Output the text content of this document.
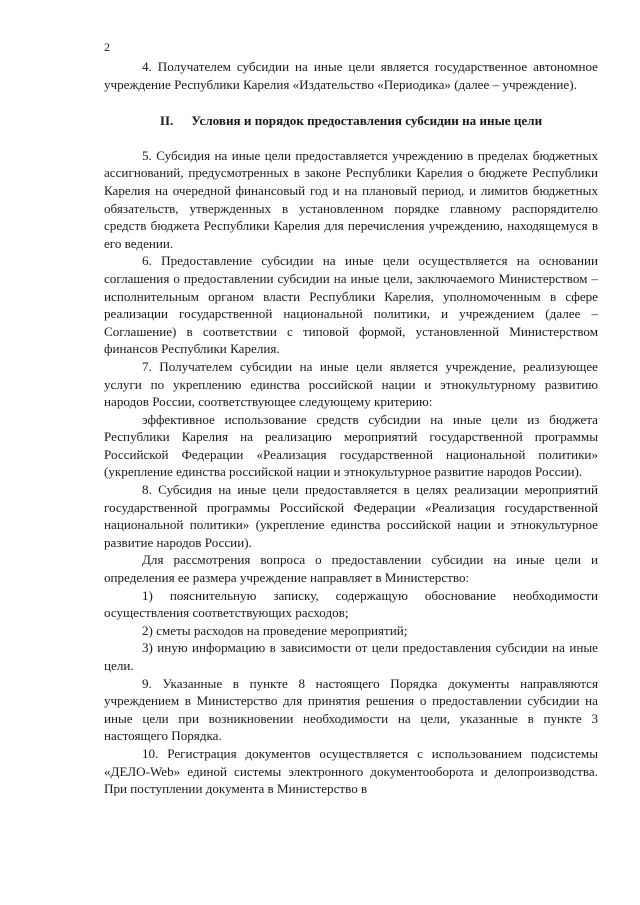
2

4. Получателем субсидии на иные цели является государственное автономное учреждение Республики Карелия «Издательство «Периодика» (далее – учреждение).

II. Условия и порядок предоставления субсидии на иные цели

5. Субсидия на иные цели предоставляется учреждению в пределах бюджетных ассигнований, предусмотренных в законе Республики Карелия о бюджете Республики Карелия на очередной финансовый год и на плановый период, и лимитов бюджетных обязательств, утвержденных в установленном порядке главному распорядителю средств бюджета Республики Карелия для перечисления учреждению, находящемуся в его ведении.

6. Предоставление субсидии на иные цели осуществляется на основании соглашения о предоставлении субсидии на иные цели, заключаемого Министерством – исполнительным органом власти Республики Карелия, уполномоченным в сфере реализации государственной национальной политики, и учреждением (далее – Соглашение) в соответствии с типовой формой, установленной Министерством финансов Республики Карелия.

7. Получателем субсидии на иные цели является учреждение, реализующее услуги по укреплению единства российской нации и этнокультурному развитию народов России, соответствующее следующему критерию:

эффективное использование средств субсидии на иные цели из бюджета Республики Карелия на реализацию мероприятий государственной программы Российской Федерации «Реализация государственной национальной политики» (укрепление единства российской нации и этнокультурное развитие народов России).

8. Субсидия на иные цели предоставляется в целях реализации мероприятий государственной программы Российской Федерации «Реализация государственной национальной политики» (укрепление единства российской нации и этнокультурное развитие народов России).

Для рассмотрения вопроса о предоставлении субсидии на иные цели и определения ее размера учреждение направляет в Министерство:

1) пояснительную записку, содержащую обоснование необходимости осуществления соответствующих расходов;

2) сметы расходов на проведение мероприятий;

3) иную информацию в зависимости от цели предоставления субсидии на иные цели.

9. Указанные в пункте 8 настоящего Порядка документы направляются учреждением в Министерство для принятия решения о предоставлении субсидии на иные цели при возникновении необходимости на цели, указанные в пункте 3 настоящего Порядка.

10. Регистрация документов осуществляется с использованием подсистемы «ДЕЛО-Web» единой системы электронного документооборота и делопроизводства. При поступлении документа в Министерство в
